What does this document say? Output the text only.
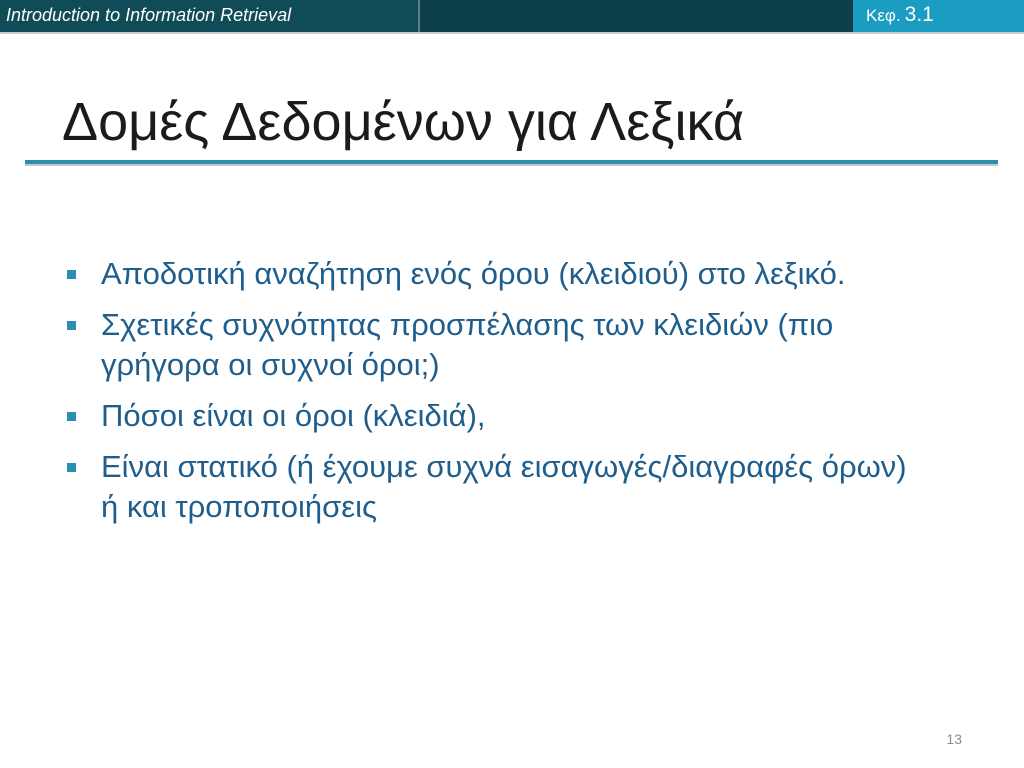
Introduction to Information Retrieval	Κεφ. 3.1
Δομές Δεδομένων για Λεξικά
Αποδοτική αναζήτηση ενός όρου (κλειδιού) στο λεξικό.
Σχετικές συχνότητας προσπέλασης των κλειδιών (πιο
γρήγορα οι συχνοί όροι;)
Πόσοι είναι οι όροι (κλειδιά),
Είναι στατικό (ή έχουμε συχνά εισαγωγές/διαγραφές όρων)
ή και τροποποιήσεις
13
